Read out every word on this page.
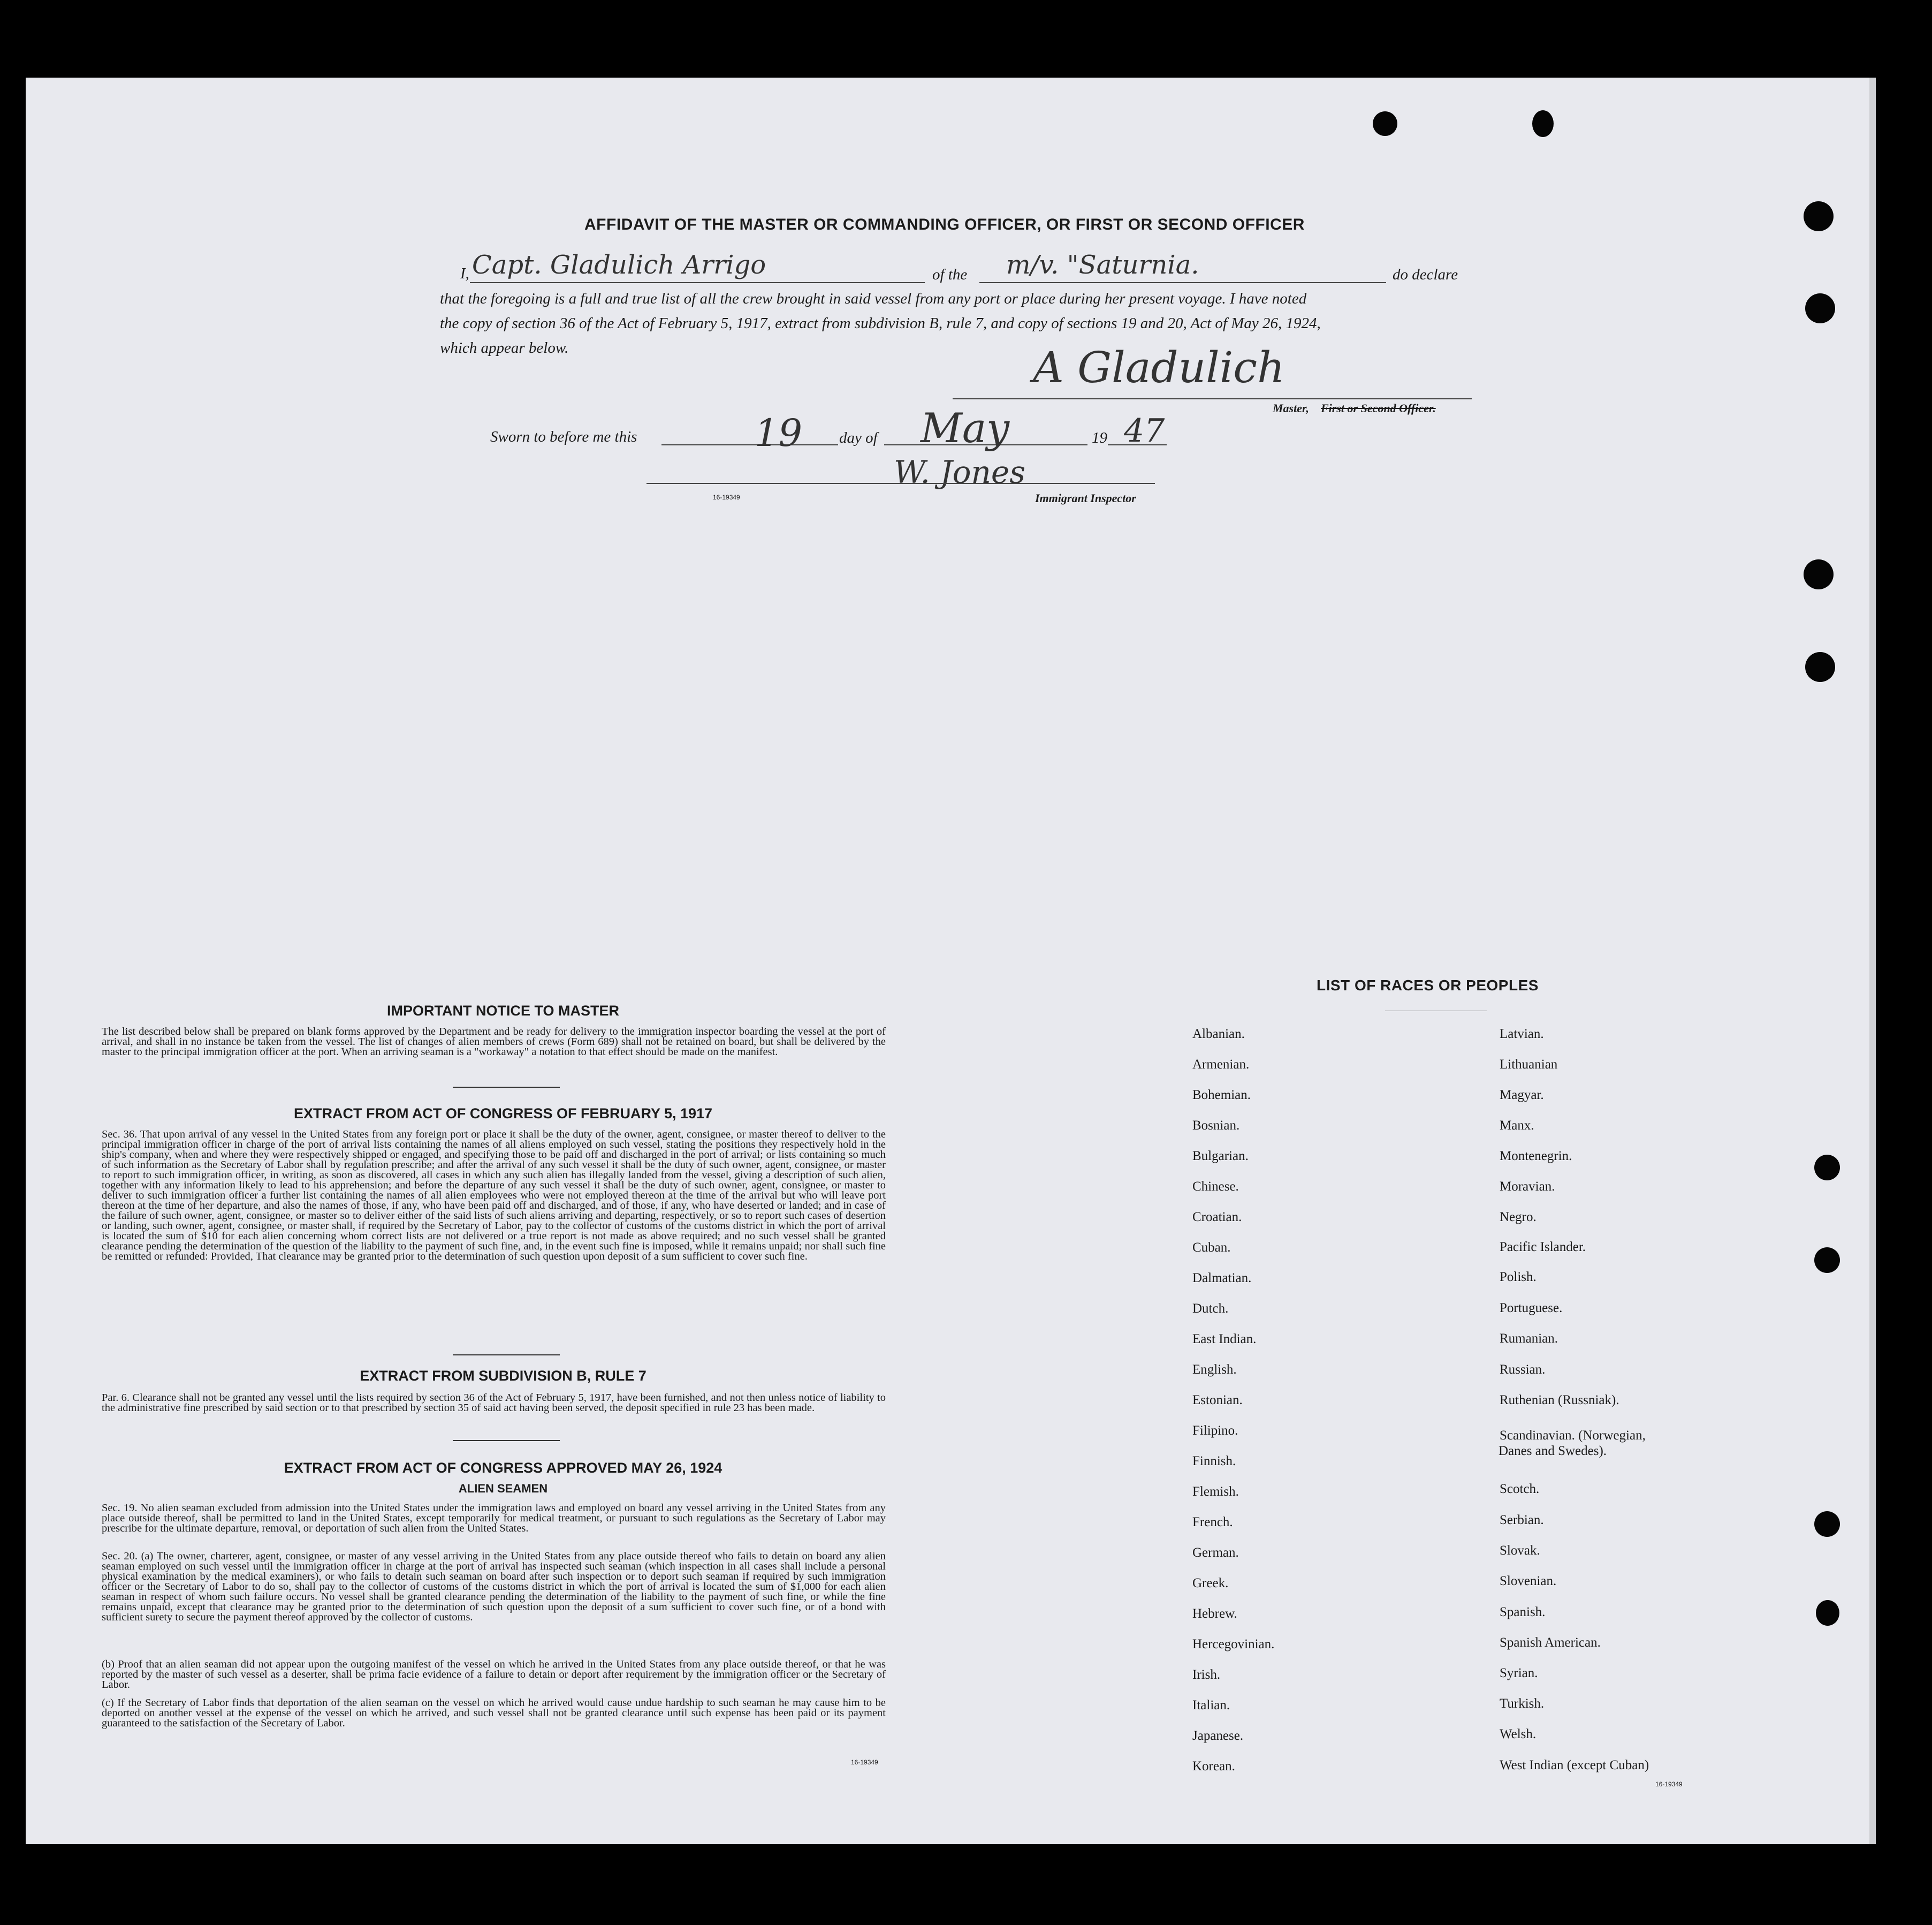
AFFIDAVIT OF THE MASTER OR COMMANDING OFFICER, OR FIRST OR SECOND OFFICER
I, Capt. Gladulich Arrigo	of the m/v. "Saturnia.	do declare
that the foregoing is a full and true list of all the crew brought in said vessel from any port or place during her present voyage. I have noted
the copy of section 36 of the Act of February 5, 1917, extract from subdivision B, rule 7, and copy of sections 19 and 20, Act of May 26, 1924,
which appear below.	A Gladulich
Master, First or Second Officer.
Sworn to before me this	19 day of May	19 47
W. Jones
16-19349	Immigrant Inspector
IMPORTANT NOTICE TO MASTER
The list described below shall be prepared on blank forms approved by the Department and be ready for delivery to the immigration inspector boarding the vessel at the port of arrival, and shall in no instance be taken from the vessel. The list of changes of alien members of crews (Form 689) shall not be retained on board, but shall be delivered by the master to the principal immigration officer at the port. When an arriving seaman is a "workaway" a notation to that effect should be made on the manifest.
EXTRACT FROM ACT OF CONGRESS OF FEBRUARY 5, 1917
Sec. 36. That upon arrival of any vessel in the United States from any foreign port or place it shall be the duty of the owner, agent, consignee, or master thereof to deliver to the principal immigration officer in charge of the port of arrival lists containing the names of all aliens employed on such vessel, stating the positions they respectively hold in the ship's company, when and where they were respectively shipped or engaged, and specifying those to be paid off and discharged in the port of arrival; or lists containing so much of such information as the Secretary of Labor shall by regulation prescribe; and after the arrival of any such vessel it shall be the duty of such owner, agent, consignee, or master to report to such immigration officer, in writing, as soon as discovered, all cases in which any such alien has illegally landed from the vessel, giving a description of such alien, together with any information likely to lead to his apprehension; and before the departure of any such vessel it shall be the duty of such owner, agent, consignee, or master to deliver to such immigration officer a further list containing the names of all alien employees who were not employed thereon at the time of the arrival but who will leave port thereon at the time of her departure, and also the names of those, if any, who have been paid off and discharged, and of those, if any, who have deserted or landed; and in case of the failure of such owner, agent, consignee, or master so to deliver either of the said lists of such aliens arriving and departing, respectively, or so to report such cases of desertion or landing, such owner, agent, consignee, or master shall, if required by the Secretary of Labor, pay to the collector of customs of the customs district in which the port of arrival is located the sum of $10 for each alien concerning whom correct lists are not delivered or a true report is not made as above required; and no such vessel shall be granted clearance pending the determination of the question of the liability to the payment of such fine, and, in the event such fine is imposed, while it remains unpaid; nor shall such fine be remitted or refunded: Provided, That clearance may be granted prior to the determination of such question upon deposit of a sum sufficient to cover such fine.
EXTRACT FROM SUBDIVISION B, RULE 7
Par. 6. Clearance shall not be granted any vessel until the lists required by section 36 of the Act of February 5, 1917, have been furnished, and not then unless notice of liability to the administrative fine prescribed by said section or to that prescribed by section 35 of said act having been served, the deposit specified in rule 23 has been made.
EXTRACT FROM ACT OF CONGRESS APPROVED MAY 26, 1924
ALIEN SEAMEN
Sec. 19. No alien seaman excluded from admission into the United States under the immigration laws and employed on board any vessel arriving in the United States from any place outside thereof, shall be permitted to land in the United States, except temporarily for medical treatment, or pursuant to such regulations as the Secretary of Labor may prescribe for the ultimate departure, removal, or deportation of such alien from the United States.
Sec. 20. (a) The owner, charterer, agent, consignee, or master of any vessel arriving in the United States from any place outside thereof who fails to detain on board any alien seaman employed on such vessel until the immigration officer in charge at the port of arrival has inspected such seaman (which inspection in all cases shall include a personal physical examination by the medical examiners), or who fails to detain such seaman on board after such inspection or to deport such seaman if required by such immigration officer or the Secretary of Labor to do so, shall pay to the collector of customs of the customs district in which the port of arrival is located the sum of $1,000 for each alien seaman in respect of whom such failure occurs. No vessel shall be granted clearance pending the determination of the liability to the payment of such fine, or while the fine remains unpaid, except that clearance may be granted prior to the determination of such question upon the deposit of a sum sufficient to cover such fine, or of a bond with sufficient surety to secure the payment thereof approved by the collector of customs.
(b) Proof that an alien seaman did not appear upon the outgoing manifest of the vessel on which he arrived in the United States from any place outside thereof, or that he was reported by the master of such vessel as a deserter, shall be prima facie evidence of a failure to detain or deport after requirement by the immigration officer or the Secretary of Labor.
(c) If the Secretary of Labor finds that deportation of the alien seaman on the vessel on which he arrived would cause undue hardship to such seaman he may cause him to be deported on another vessel at the expense of the vessel on which he arrived, and such vessel shall not be granted clearance until such expense has been paid or its payment guaranteed to the satisfaction of the Secretary of Labor.
16-19349
LIST OF RACES OR PEOPLES
Albanian.
Armenian.
Bohemian.
Bosnian.
Bulgarian.
Chinese.
Croatian.
Cuban.
Dalmatian.
Dutch.
East Indian.
English.
Estonian.
Filipino.
Finnish.
Flemish.
French.
German.
Greek.
Hebrew.
Hercegovinian.
Irish.
Italian.
Japanese.
Korean.
Latvian.
Lithuanian
Magyar.
Manx.
Montenegrin.
Moravian.
Negro.
Pacific Islander.
Polish.
Portuguese.
Rumanian.
Russian.
Ruthenian (Russniak).
Scandinavian. (Norwegian,
Danes and Swedes).
Scotch.
Serbian.
Slovak.
Slovenian.
Spanish.
Spanish American.
Syrian.
Turkish.
Welsh.
West Indian (except Cuban)
16-19349
